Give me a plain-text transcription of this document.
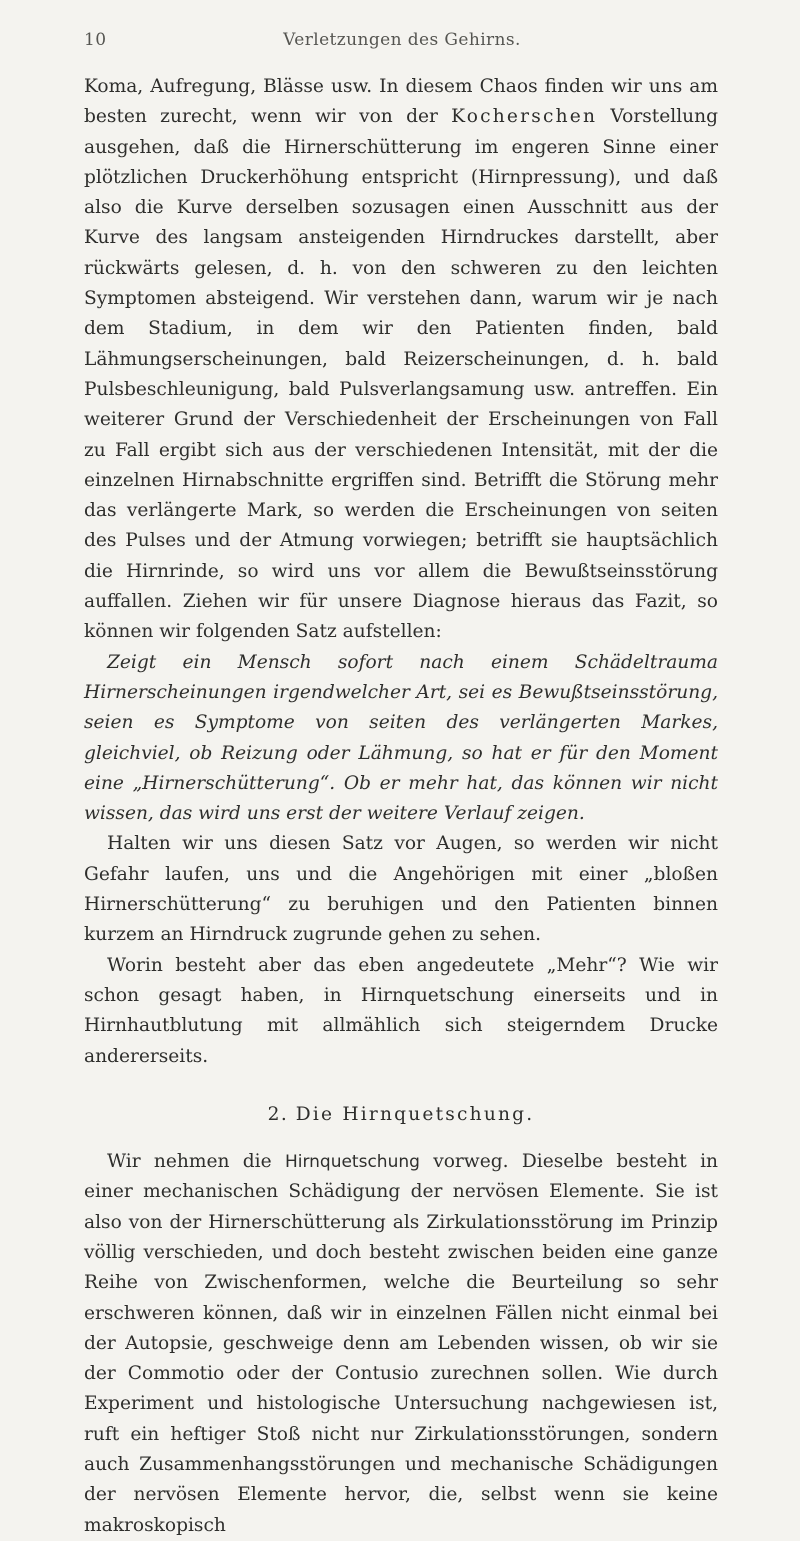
10	Verletzungen des Gehirns.

Koma, Aufregung, Blässe usw. In diesem Chaos finden wir uns am besten zurecht, wenn wir von der Kocherschen Vorstellung ausgehen, daß die Hirnerschütterung im engeren Sinne einer plötzlichen Druckerhöhung entspricht (Hirnpressung), und daß also die Kurve derselben sozusagen einen Ausschnitt aus der Kurve des langsam ansteigenden Hirndruckes darstellt, aber rückwärts gelesen, d. h. von den schweren zu den leichten Symptomen absteigend. Wir verstehen dann, warum wir je nach dem Stadium, in dem wir den Patienten finden, bald Lähmungserscheinungen, bald Reizerscheinungen, d. h. bald Pulsbeschleunigung, bald Pulsverlangsamung usw. antreffen. Ein weiterer Grund der Verschiedenheit der Erscheinungen von Fall zu Fall ergibt sich aus der verschiedenen Intensität, mit der die einzelnen Hirnabschnitte ergriffen sind. Betrifft die Störung mehr das verlängerte Mark, so werden die Erscheinungen von seiten des Pulses und der Atmung vorwiegen; betrifft sie hauptsächlich die Hirnrinde, so wird uns vor allem die Bewußtseinsstörung auffallen. Ziehen wir für unsere Diagnose hieraus das Fazit, so können wir folgenden Satz aufstellen:

Zeigt ein Mensch sofort nach einem Schädeltrauma Hirnerscheinungen irgendwelcher Art, sei es Bewußtseinsstörung, seien es Symptome von seiten des verlängerten Markes, gleichviel, ob Reizung oder Lähmung, so hat er für den Moment eine „Hirnerschütterung“. Ob er mehr hat, das können wir nicht wissen, das wird uns erst der weitere Verlauf zeigen.

Halten wir uns diesen Satz vor Augen, so werden wir nicht Gefahr laufen, uns und die Angehörigen mit einer „bloßen Hirnerschütterung“ zu beruhigen und den Patienten binnen kurzem an Hirndruck zugrunde gehen zu sehen.

Worin besteht aber das eben angedeutete „Mehr“? Wie wir schon gesagt haben, in Hirnquetschung einerseits und in Hirnhautblutung mit allmählich sich steigerndem Drucke andererseits.

2. Die Hirnquetschung.

Wir nehmen die Hirnquetschung vorweg. Dieselbe besteht in einer mechanischen Schädigung der nervösen Elemente. Sie ist also von der Hirnerschütterung als Zirkulationsstörung im Prinzip völlig verschieden, und doch besteht zwischen beiden eine ganze Reihe von Zwischenformen, welche die Beurteilung so sehr erschweren können, daß wir in einzelnen Fällen nicht einmal bei der Autopsie, geschweige denn am Lebenden wissen, ob wir sie der Commotio oder der Contusio zurechnen sollen. Wie durch Experiment und histologische Untersuchung nachgewiesen ist, ruft ein heftiger Stoß nicht nur Zirkulationsstörungen, sondern auch Zusammenhangsstörungen und mechanische Schädigungen der nervösen Elemente hervor, die, selbst wenn sie keine makroskopisch
